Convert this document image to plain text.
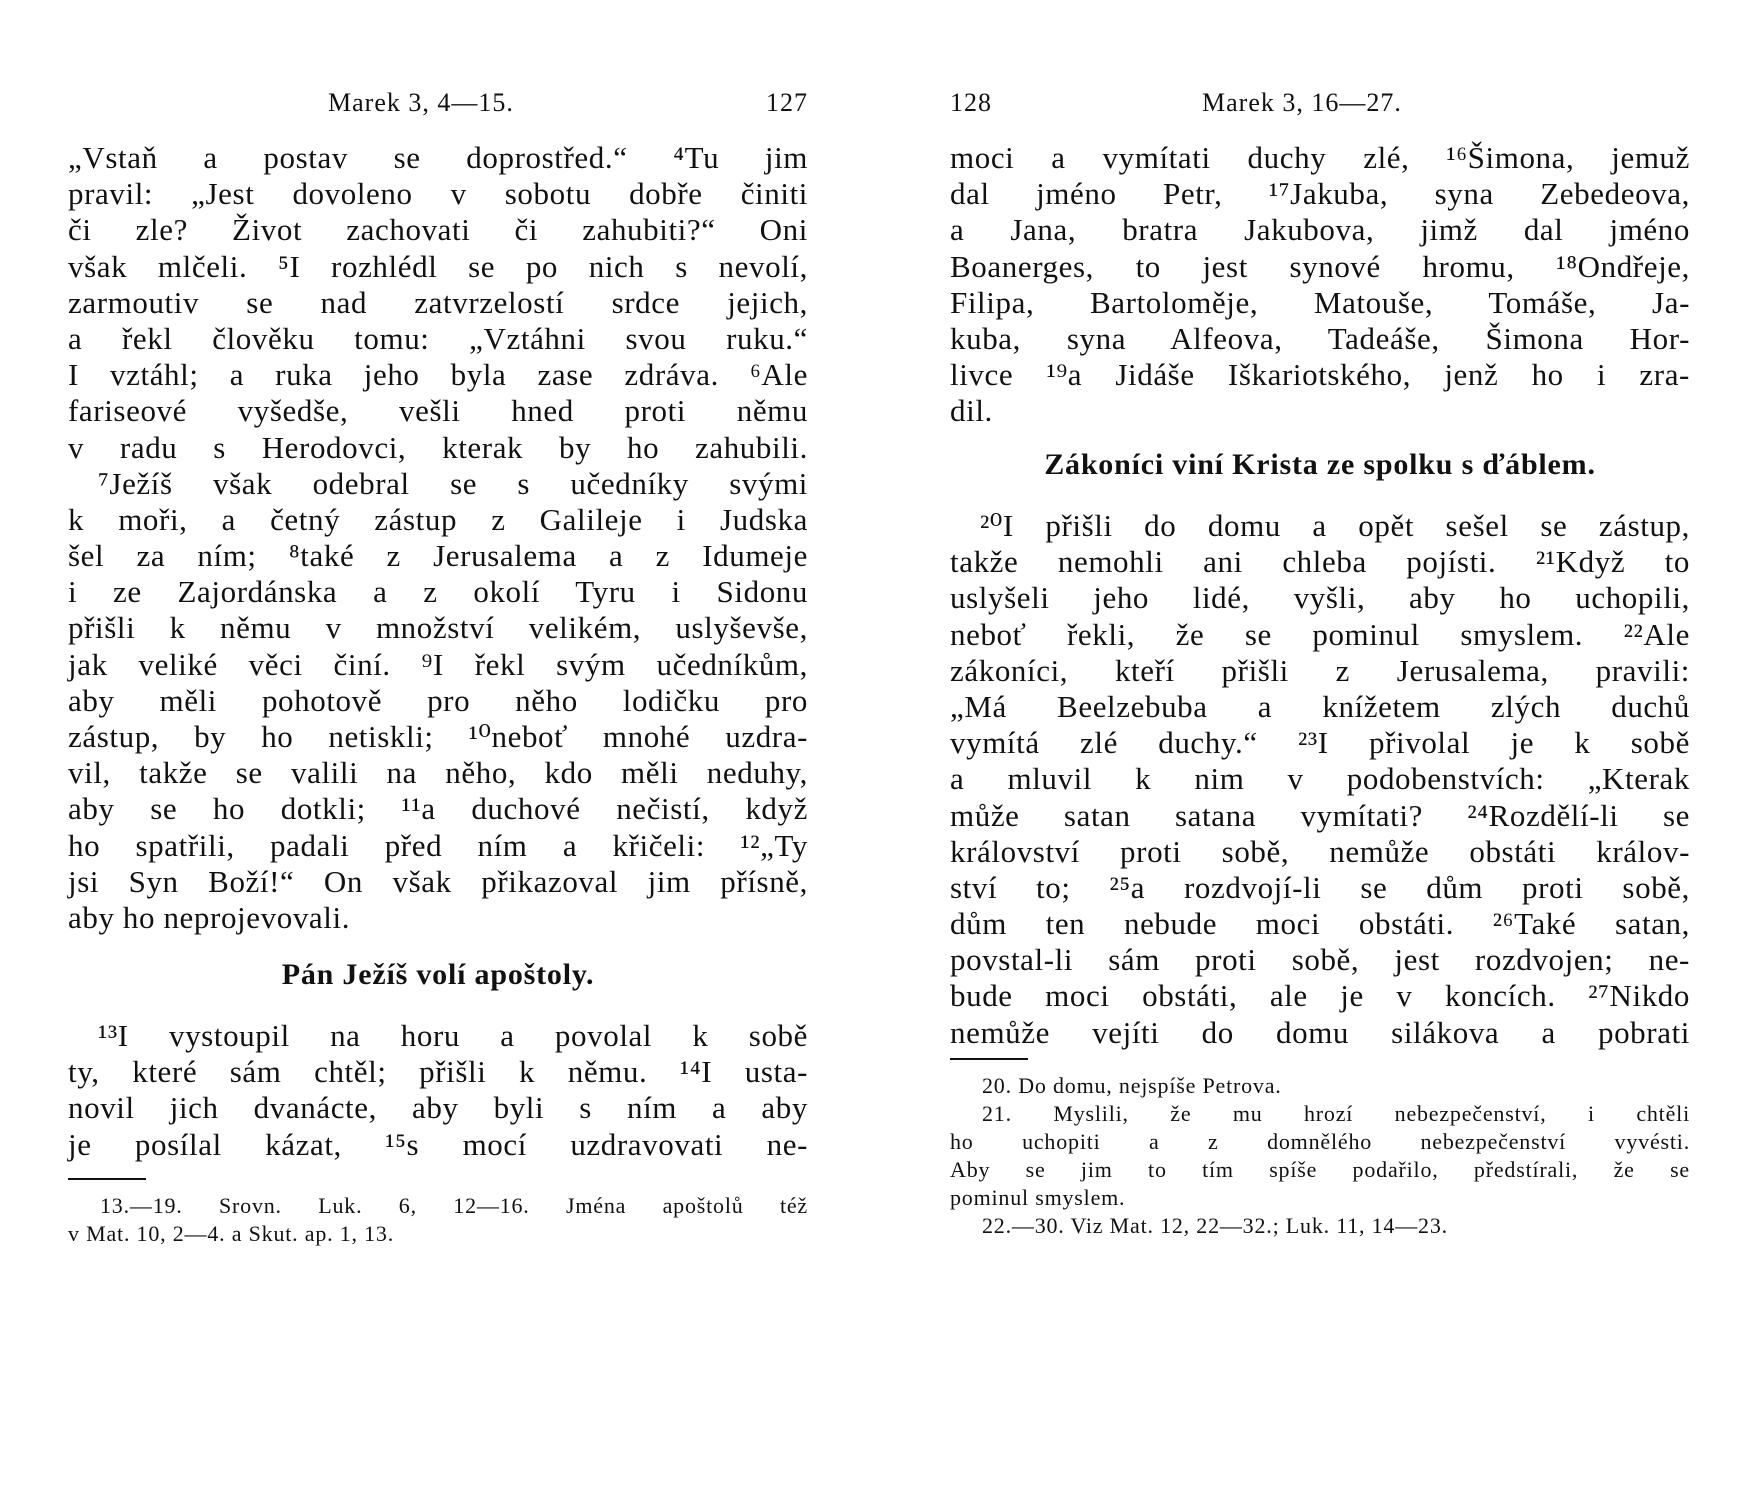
Marek 3, 4—15.	127
„Vstaň a postav se doprostřed.“ ⁴Tu jim
pravil: „Jest dovoleno v sobotu dobře činiti
či zle? Život zachovati či zahubiti?“ Oni
však mlčeli. ⁵I rozhlédl se po nich s nevolí,
zarmoutiv se nad zatvrzelostí srdce jejich,
a řekl člověku tomu: „Vztáhni svou ruku.“
I vztáhl; a ruka jeho byla zase zdráva. ⁶Ale
fariseové vyšedše, vešli hned proti němu
v radu s Herodovci, kterak by ho zahubili.
⁷Ježíš však odebral se s učedníky svými
k moři, a četný zástup z Galileje i Judska
šel za ním; ⁸také z Jerusalema a z Idumeje
i ze Zajordánska a z okolí Tyru i Sidonu
přišli k němu v množství velikém, uslyševše,
jak veliké věci činí. ⁹I řekl svým učedníkům,
aby měli pohotově pro něho lodičku pro
zástup, by ho netiskli; ¹⁰neboť mnohé uzdra-
vil, takže se valili na něho, kdo měli neduhy,
aby se ho dotkli; ¹¹a duchové nečistí, když
ho spatřili, padali před ním a křičeli: ¹²„Ty
jsi Syn Boží!“ On však přikazoval jim přísně,
aby ho neprojevovali.
Pán Ježíš volí apoštoly.
¹³I vystoupil na horu a povolal k sobě
ty, které sám chtěl; přišli k němu. ¹⁴I usta-
novil jich dvanácte, aby byli s ním a aby
je posílal kázat, ¹⁵s mocí uzdravovati ne-
13.—19. Srovn. Luk. 6, 12—16. Jména apoštolů též
v Mat. 10, 2—4. a Skut. ap. 1, 13.
128	Marek 3, 16—27.
moci a vymítati duchy zlé, ¹⁶Šimona, jemuž
dal jméno Petr, ¹⁷Jakuba, syna Zebedeova,
a Jana, bratra Jakubova, jimž dal jméno
Boanerges, to jest synové hromu, ¹⁸Ondřeje,
Filipa, Bartoloměje, Matouše, Tomáše, Ja-
kuba, syna Alfeova, Tadeáše, Šimona Hor-
livce ¹⁹a Jidáše Iškariotského, jenž ho i zra-
dil.
Zákoníci viní Krista ze spolku s ďáblem.
²⁰I přišli do domu a opět sešel se zástup,
takže nemohli ani chleba pojísti. ²¹Když to
uslyšeli jeho lidé, vyšli, aby ho uchopili,
neboť řekli, že se pominul smyslem. ²²Ale
zákoníci, kteří přišli z Jerusalema, pravili:
„Má Beelzebuba a knížetem zlých duchů
vymítá zlé duchy.“ ²³I přivolal je k sobě
a mluvil k nim v podobenstvích: „Kterak
může satan satana vymítati? ²⁴Rozdělí-li se
království proti sobě, nemůže obstáti králov-
ství to; ²⁵a rozdvojí-li se dům proti sobě,
dům ten nebude moci obstáti. ²⁶Také satan,
povstal-li sám proti sobě, jest rozdvojen; ne-
bude moci obstáti, ale je v koncích. ²⁷Nikdo
nemůže vejíti do domu silákova a pobrati
20. Do domu, nejspíše Petrova.
21. Myslili, že mu hrozí nebezpečenství, i chtěli
ho uchopiti a z domnělého nebezpečenství vyvésti.
Aby se jim to tím spíše podařilo, předstírali, že se
pominul smyslem.
22.—30. Viz Mat. 12, 22—32.; Luk. 11, 14—23.
